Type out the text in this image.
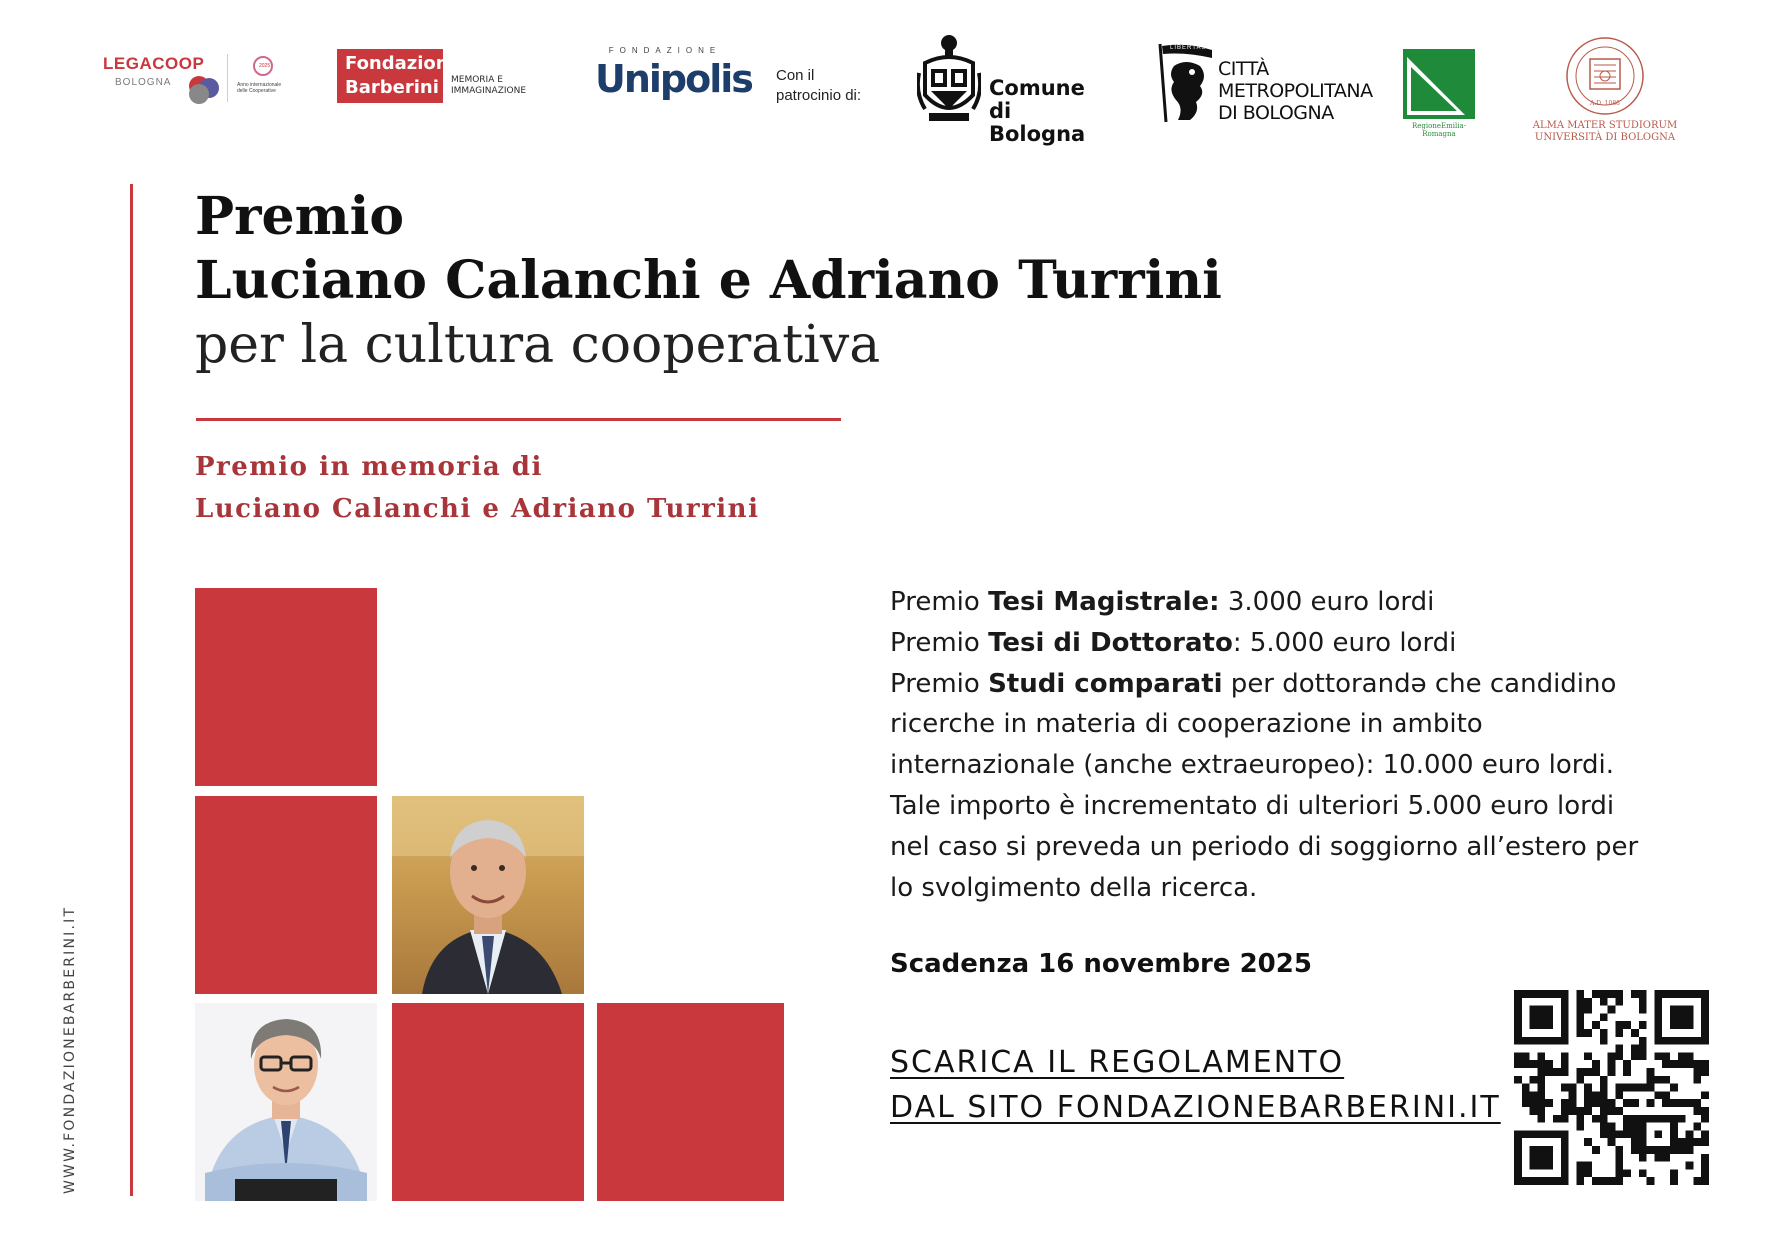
LEGACOOP
BOLOGNA
2025
Anno internazionale delle Cooperative
Fondazione
Barberini MEMORIA E
IMMAGINAZIONE
FONDAZIONE
Unipolis Con il
patrocinio di:	Comune
di Bologna
LIBERTAS
CITTÀ
METROPOLITANA
DI BOLOGNA
RegioneEmilia-Romagna
A.D. 1088
ALMA MATER STUDIORUM
UNIVERSITÀ DI BOLOGNA
WWW.FONDAZIONEBARBERINI.IT
Premio
Luciano Calanchi e Adriano Turrini
per la cultura cooperativa
Premio in memoria di
Luciano Calanchi e Adriano Turrini
Premio Tesi Magistrale: 3.000 euro lordi
Premio Tesi di Dottorato: 5.000 euro lordi
Premio Studi comparati per dottorandə che candidino
ricerche in materia di cooperazione in ambito
internazionale (anche extraeuropeo): 10.000 euro lordi.
Tale importo è incrementato di ulteriori 5.000 euro lordi
nel caso si preveda un periodo di soggiorno all’estero per
lo svolgimento della ricerca.
Scadenza 16 novembre 2025
SCARICA IL REGOLAMENTO
DAL SITO FONDAZIONEBARBERINI.IT
